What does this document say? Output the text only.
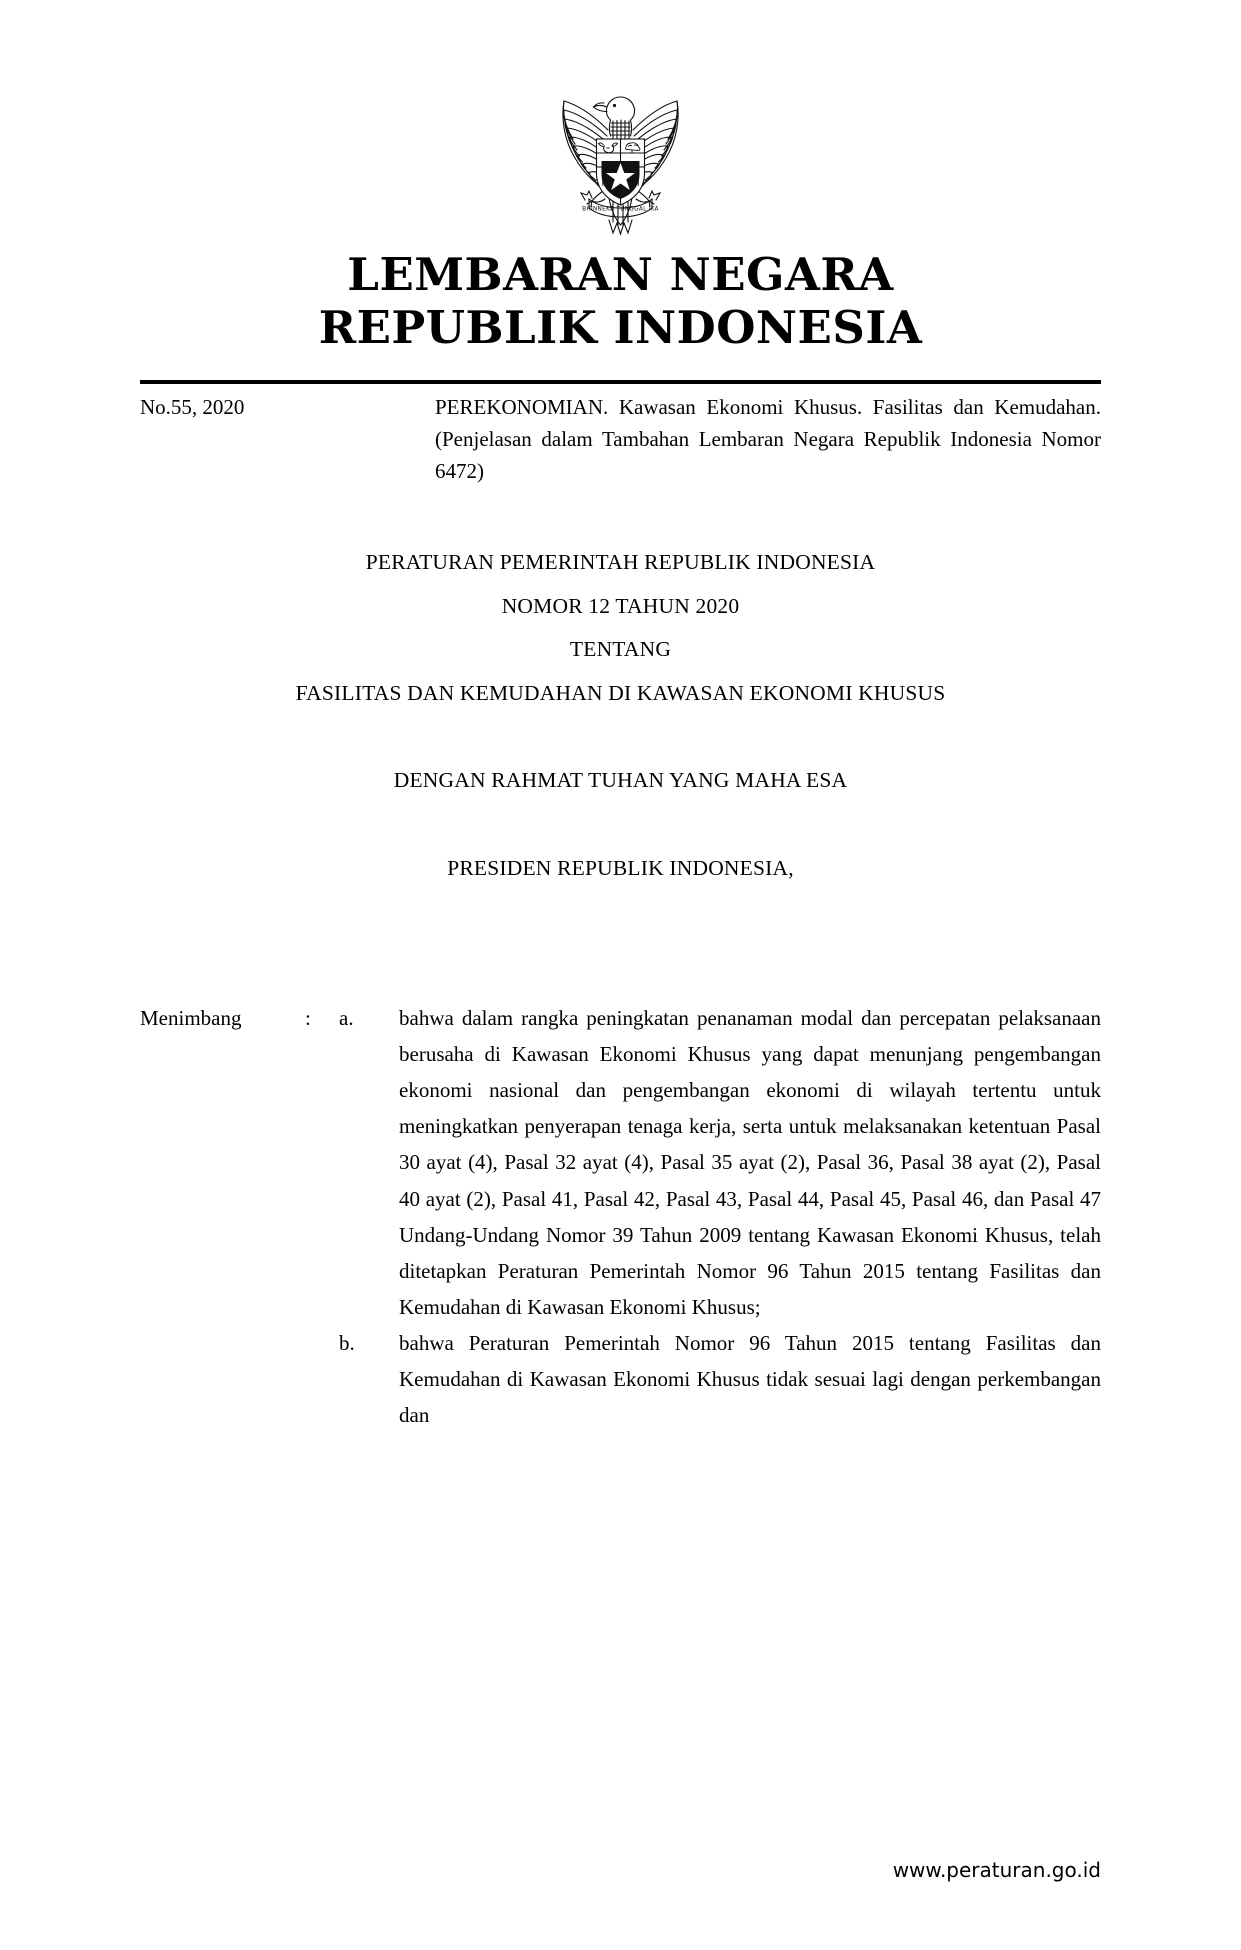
BHINNEKA TUNGGAL IKA
LEMBARAN NEGARA
REPUBLIK INDONESIA
No.55, 2020	PEREKONOMIAN. Kawasan Ekonomi Khusus. Fasilitas dan Kemudahan. (Penjelasan dalam Tambahan Lembaran Negara Republik Indonesia Nomor 6472)
PERATURAN PEMERINTAH REPUBLIK INDONESIA
NOMOR 12 TAHUN 2020
TENTANG
FASILITAS DAN KEMUDAHAN DI KAWASAN EKONOMI KHUSUS
DENGAN RAHMAT TUHAN YANG MAHA ESA
PRESIDEN REPUBLIK INDONESIA,
Menimbang	:	a.	bahwa dalam rangka peningkatan penanaman modal dan percepatan pelaksanaan berusaha di Kawasan Ekonomi Khusus yang dapat menunjang pengembangan ekonomi nasional dan pengembangan ekonomi di wilayah tertentu untuk meningkatkan penyerapan tenaga kerja, serta untuk melaksanakan ketentuan Pasal 30 ayat (4), Pasal 32 ayat (4), Pasal 35 ayat (2), Pasal 36, Pasal 38 ayat (2), Pasal 40 ayat (2), Pasal 41, Pasal 42, Pasal 43, Pasal 44, Pasal 45, Pasal 46, dan Pasal 47 Undang-Undang Nomor 39 Tahun 2009 tentang Kawasan Ekonomi Khusus, telah ditetapkan Peraturan Pemerintah Nomor 96 Tahun 2015 tentang Fasilitas dan Kemudahan di Kawasan Ekonomi Khusus;
b.	bahwa Peraturan Pemerintah Nomor 96 Tahun 2015 tentang Fasilitas dan Kemudahan di Kawasan Ekonomi Khusus tidak sesuai lagi dengan perkembangan dan
www.peraturan.go.id
